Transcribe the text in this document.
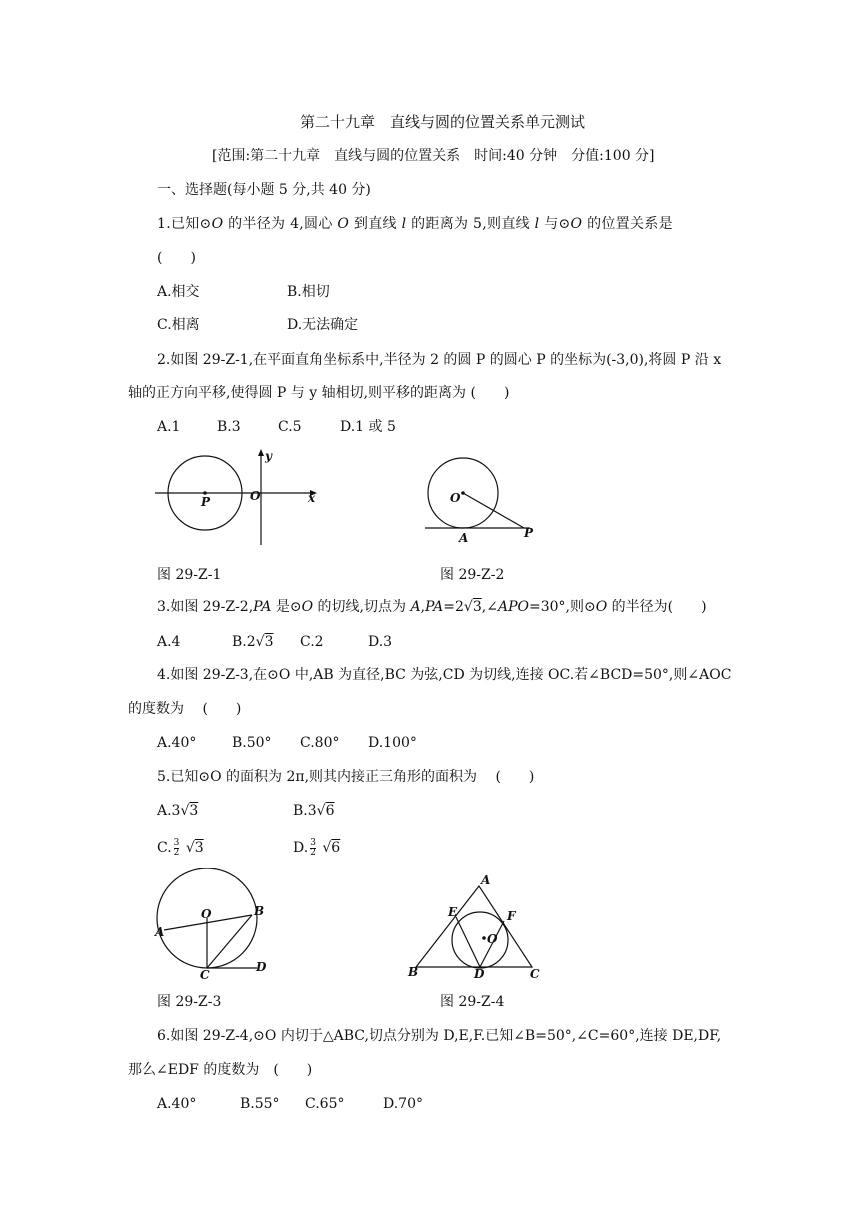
第二十九章　直线与圆的位置关系单元测试
[范围:第二十九章　直线与圆的位置关系　时间:40 分钟　分值:100 分]
一、选择题(每小题 5 分,共 40 分)
1.已知⊙O 的半径为 4,圆心 O 到直线 l 的距离为 5,则直线 l 与⊙O 的位置关系是
(　　)
A.相交	B.相切
C.相离	D.无法确定
2.如图 29-Z-1,在平面直角坐标系中,半径为 2 的圆 P 的圆心 P 的坐标为(-3,0),将圆 P 沿 x
轴的正方向平移,使得圆 P 与 y 轴相切,则平移的距离为 (　　)
A.1	B.3	C.5	D.1 或 5
P	O	x
y
图 29-Z-1
O
A	P
图 29-Z-2
3.如图 29-Z-2,PA 是⊙O 的切线,切点为 A,PA=2√3,∠APO=30°,则⊙O 的半径为(　　)
A.4	B.2√3 C.2	D.3
4.如图 29-Z-3,在⊙O 中,AB 为直径,BC 为弦,CD 为切线,连接 OC.若∠BCD=50°,则∠AOC
的度数为　 (　　)
A.40°	B.50° C.80° D.100°
5.已知⊙O 的面积为 2π,则其内接正三角形的面积为　 (　　)
A.3√3	B.3√6
C. $\frac{3}{2} √3$	D. $\frac{3}{2} √6$
O
A
B
C
D
图 29-Z-3
A
B	C
D
E	F
O
图 29-Z-4
6.如图 29-Z-4,⊙O 内切于△ABC,切点分别为 D,E,F.已知∠B=50°,∠C=60°,连接 DE,DF,
那么∠EDF 的度数为　(　　)
A.40°	B.55° C.65°	D.70°
